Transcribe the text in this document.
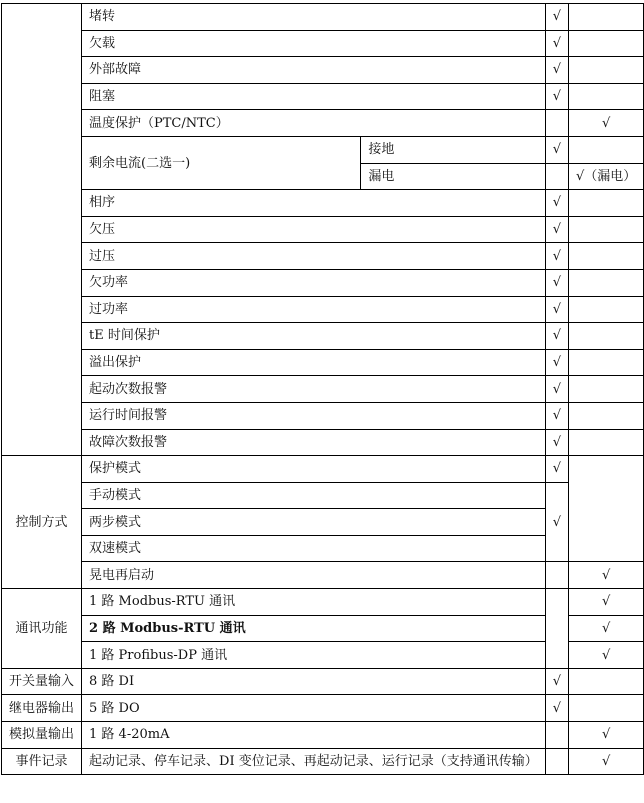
	堵转		√	
	欠载		√	
	外部故障		√	
	阻塞		√	
	温度保护（PTC/NTC）			√
	剩余电流(二选一)	接地	√	
		漏电		√（漏电）
	相序		√	
	欠压		√	
	过压		√	
	欠功率		√	
	过功率		√	
	tE 时间保护		√	
	溢出保护		√	
	起动次数报警		√	
	运行时间报警		√	
	故障次数报警		√	
控制方式	保护模式		√	
	手动模式		√	
	两步模式			
	双速模式			
	晃电再启动			√
通讯功能	1 路 Modbus-RTU 通讯			√
	2 路 Modbus-RTU 通讯			√
	1 路 Profibus-DP 通讯			√
开关量输入	8 路 DI		√	
继电器输出	5 路 DO		√	
模拟量输出	1 路 4-20mA			√
事件记录	起动记录、停车记录、DI 变位记录、再起动记录、运行记录（支持通讯传输）			√
